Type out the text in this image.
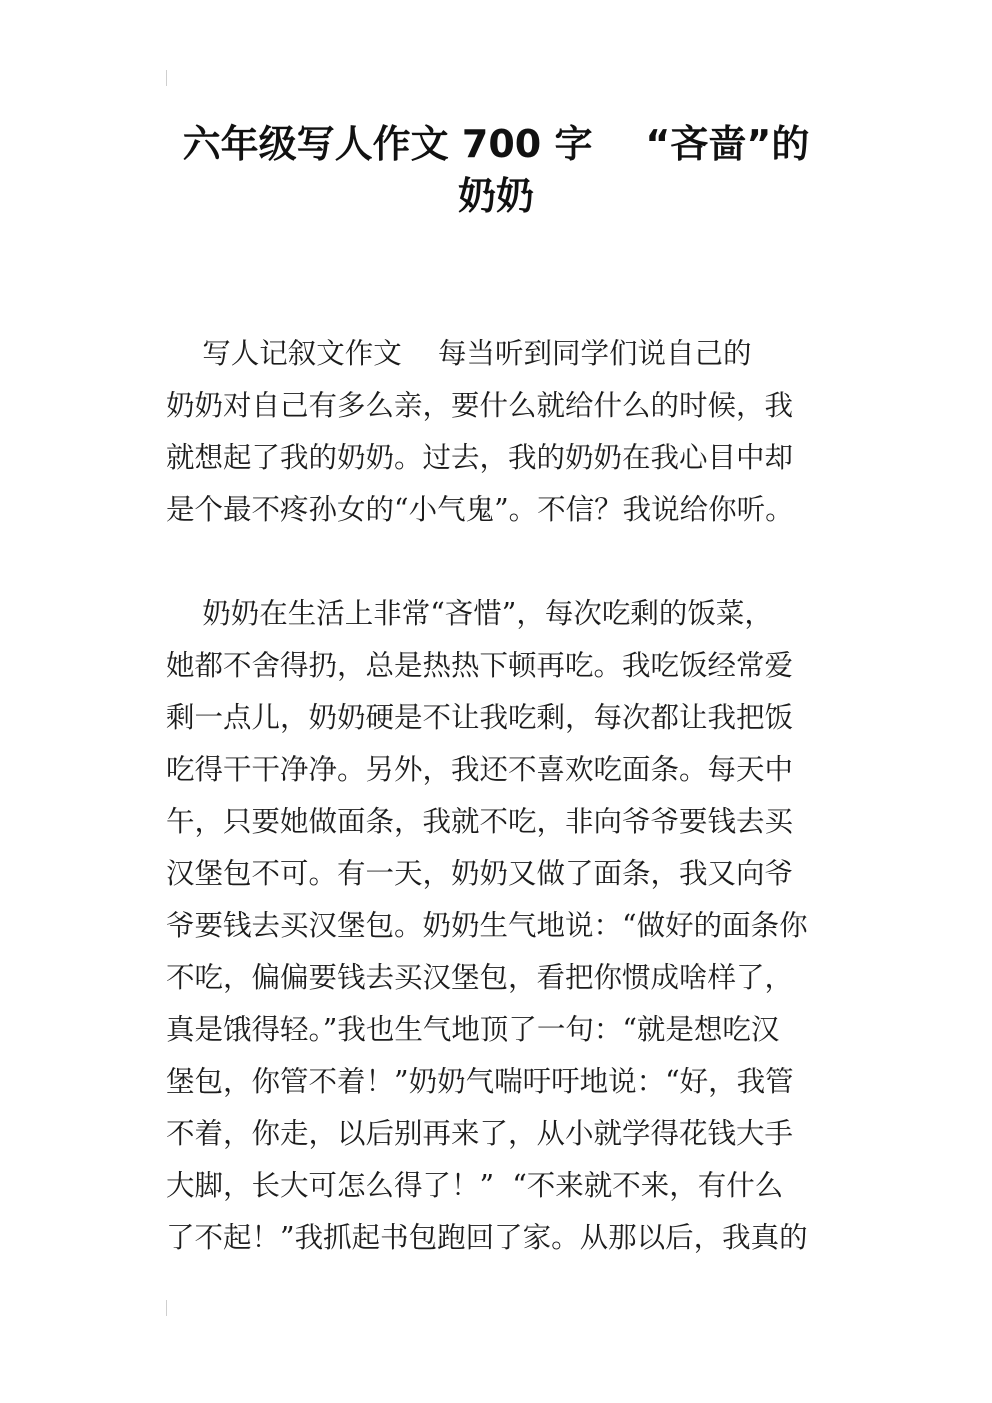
六年级写人作文 700 字    “吝啬”的
奶奶
写人记叙文作文    每当听到同学们说自己的
奶奶对自己有多么亲，要什么就给什么的时候，我
就想起了我的奶奶。过去，我的奶奶在我心目中却
是个最不疼孙女的“小气鬼”。不信？我说给你听。
奶奶在生活上非常“吝惜”，每次吃剩的饭菜，
她都不舍得扔，总是热热下顿再吃。我吃饭经常爱
剩一点儿，奶奶硬是不让我吃剩，每次都让我把饭
吃得干干净净。另外，我还不喜欢吃面条。每天中
午，只要她做面条，我就不吃，非向爷爷要钱去买
汉堡包不可。有一天，奶奶又做了面条，我又向爷
爷要钱去买汉堡包。奶奶生气地说：“做好的面条你
不吃，偏偏要钱去买汉堡包，看把你惯成啥样了，
真是饿得轻。”我也生气地顶了一句：“就是想吃汉
堡包，你管不着！”奶奶气喘吁吁地说：“好，我管
不着，你走，以后别再来了，从小就学得花钱大手
大脚，长大可怎么得了！”  “不来就不来，有什么
了不起！”我抓起书包跑回了家。从那以后，我真的
